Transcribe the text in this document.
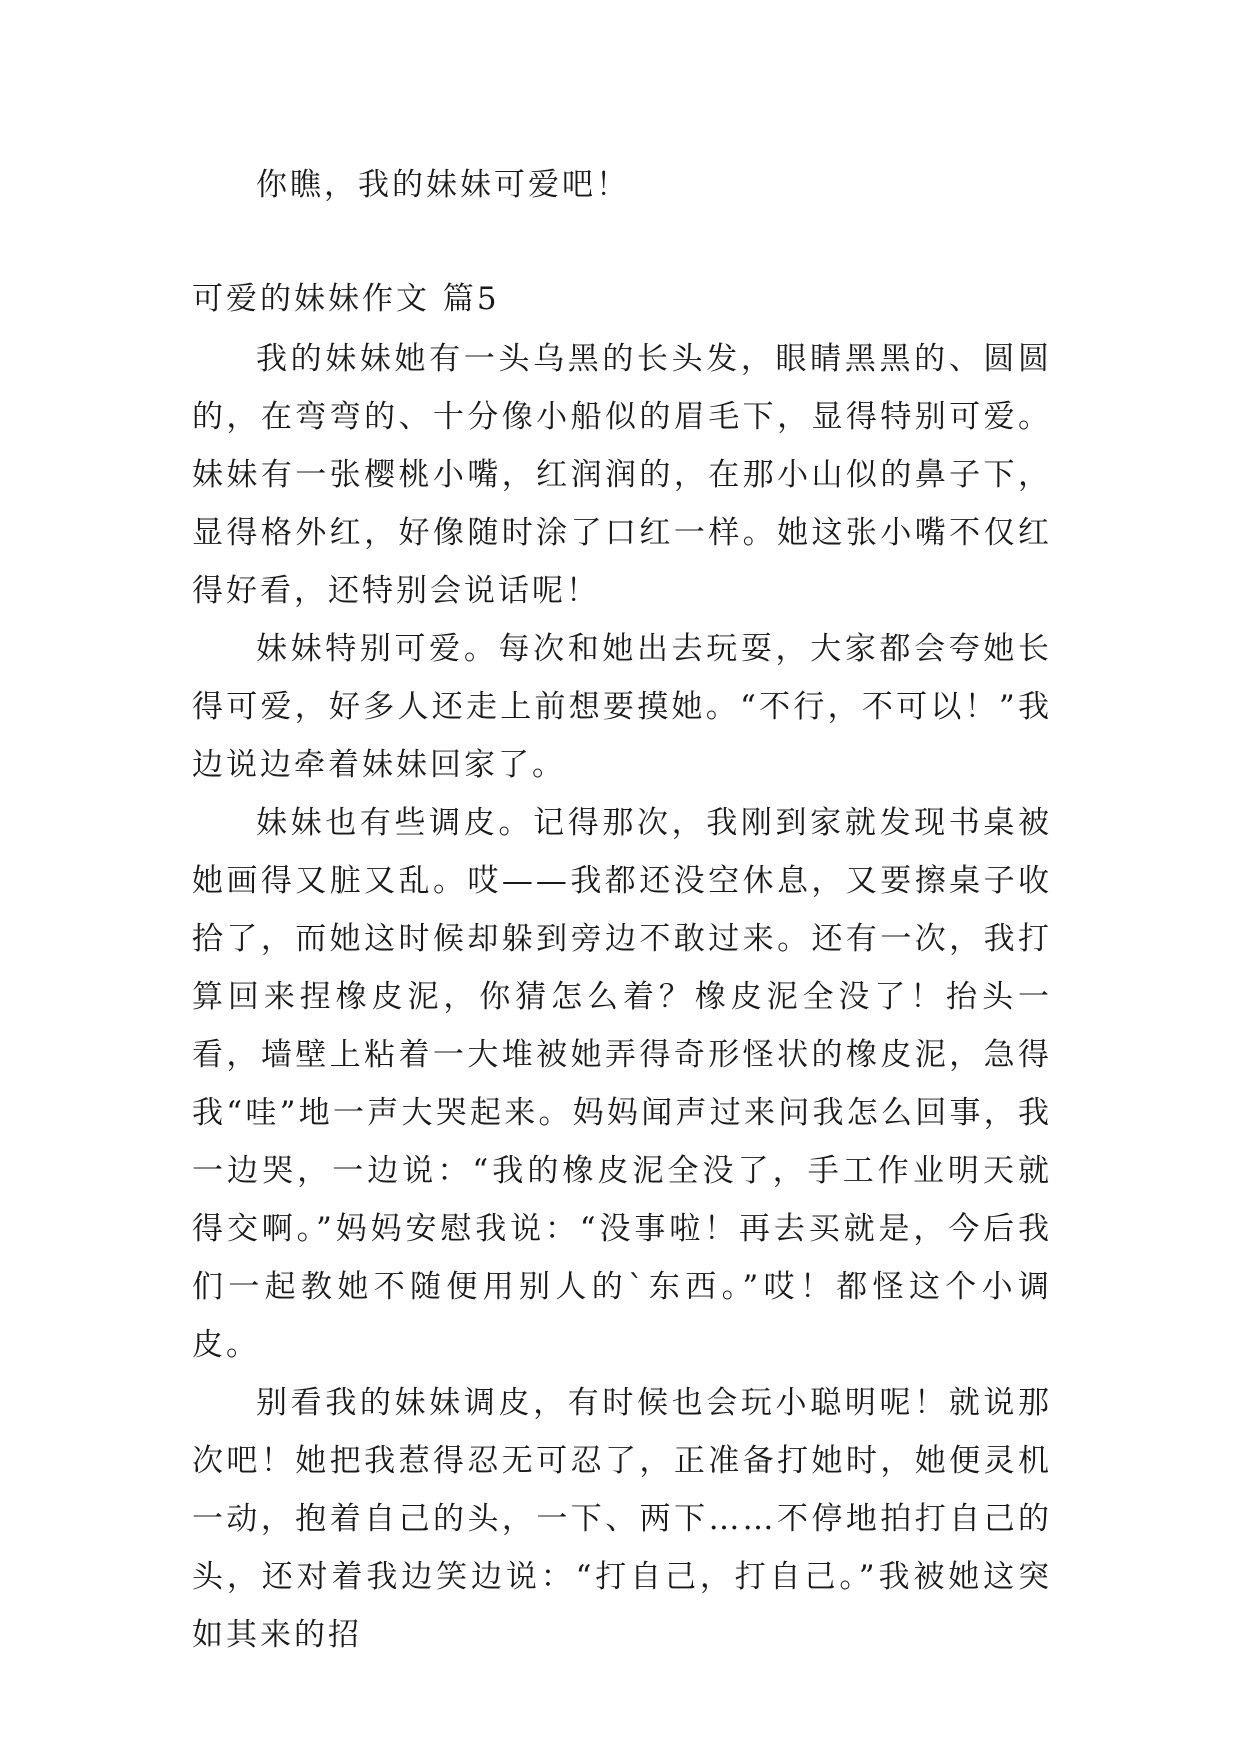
你瞧，我的妹妹可爱吧！

可爱的妹妹作文 篇5

我的妹妹她有一头乌黑的长头发，眼睛黑黑的、圆圆的，在弯弯的、十分像小船似的眉毛下，显得特别可爱。妹妹有一张樱桃小嘴，红润润的，在那小山似的鼻子下，显得格外红，好像随时涂了口红一样。她这张小嘴不仅红得好看，还特别会说话呢！

妹妹特别可爱。每次和她出去玩耍，大家都会夸她长得可爱，好多人还走上前想要摸她。“不行，不可以！”我边说边牵着妹妹回家了。

妹妹也有些调皮。记得那次，我刚到家就发现书桌被她画得又脏又乱。哎——我都还没空休息，又要擦桌子收拾了，而她这时候却躲到旁边不敢过来。还有一次，我打算回来捏橡皮泥，你猜怎么着？橡皮泥全没了！抬头一看，墙壁上粘着一大堆被她弄得奇形怪状的橡皮泥，急得我“哇”地一声大哭起来。妈妈闻声过来问我怎么回事，我一边哭，一边说：“我的橡皮泥全没了，手工作业明天就得交啊。”妈妈安慰我说：“没事啦！再去买就是，今后我们一起教她不随便用别人的`东西。”哎！都怪这个小调皮。

别看我的妹妹调皮，有时候也会玩小聪明呢！就说那次吧！她把我惹得忍无可忍了，正准备打她时，她便灵机一动，抱着自己的头，一下、两下……不停地拍打自己的头，还对着我边笑边说：“打自己，打自己。”我被她这突如其来的招
